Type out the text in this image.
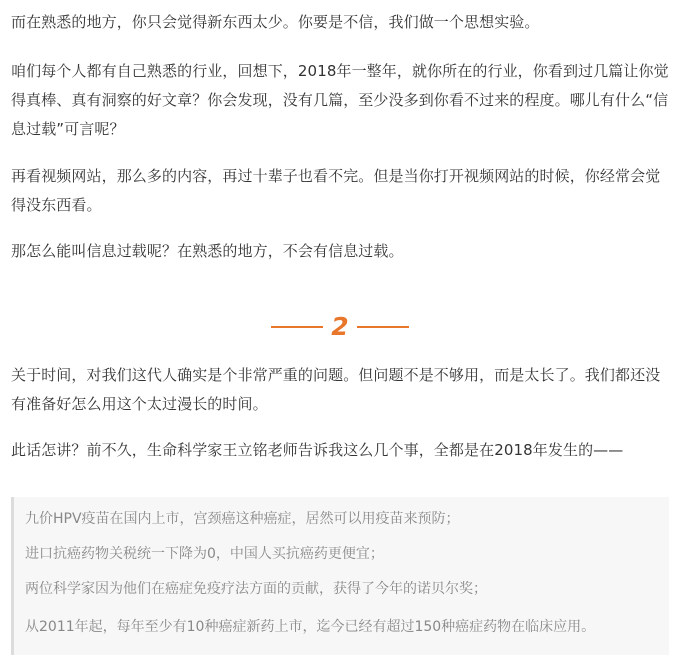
而在熟悉的地方，你只会觉得新东西太少。你要是不信，我们做一个思想实验。

咱们每个人都有自己熟悉的行业，回想下，2018年一整年，就你所在的行业，你看到过几篇让你觉得真棒、真有洞察的好文章？你会发现，没有几篇，至少没多到你看不过来的程度。哪儿有什么“信息过载”可言呢？

再看视频网站，那么多的内容，再过十辈子也看不完。但是当你打开视频网站的时候，你经常会觉得没东西看。

那怎么能叫信息过载呢？在熟悉的地方，不会有信息过载。

2

关于时间，对我们这代人确实是个非常严重的问题。但问题不是不够用，而是太长了。我们都还没有准备好怎么用这个太过漫长的时间。

此话怎讲？前不久，生命科学家王立铭老师告诉我这么几个事，全都是在2018年发生的——

九价HPV疫苗在国内上市，宫颈癌这种癌症，居然可以用疫苗来预防；

进口抗癌药物关税统一下降为0，中国人买抗癌药更便宜；

两位科学家因为他们在癌症免疫疗法方面的贡献，获得了今年的诺贝尔奖；

从2011年起，每年至少有10种癌症新药上市，迄今已经有超过150种癌症药物在临床应用。
